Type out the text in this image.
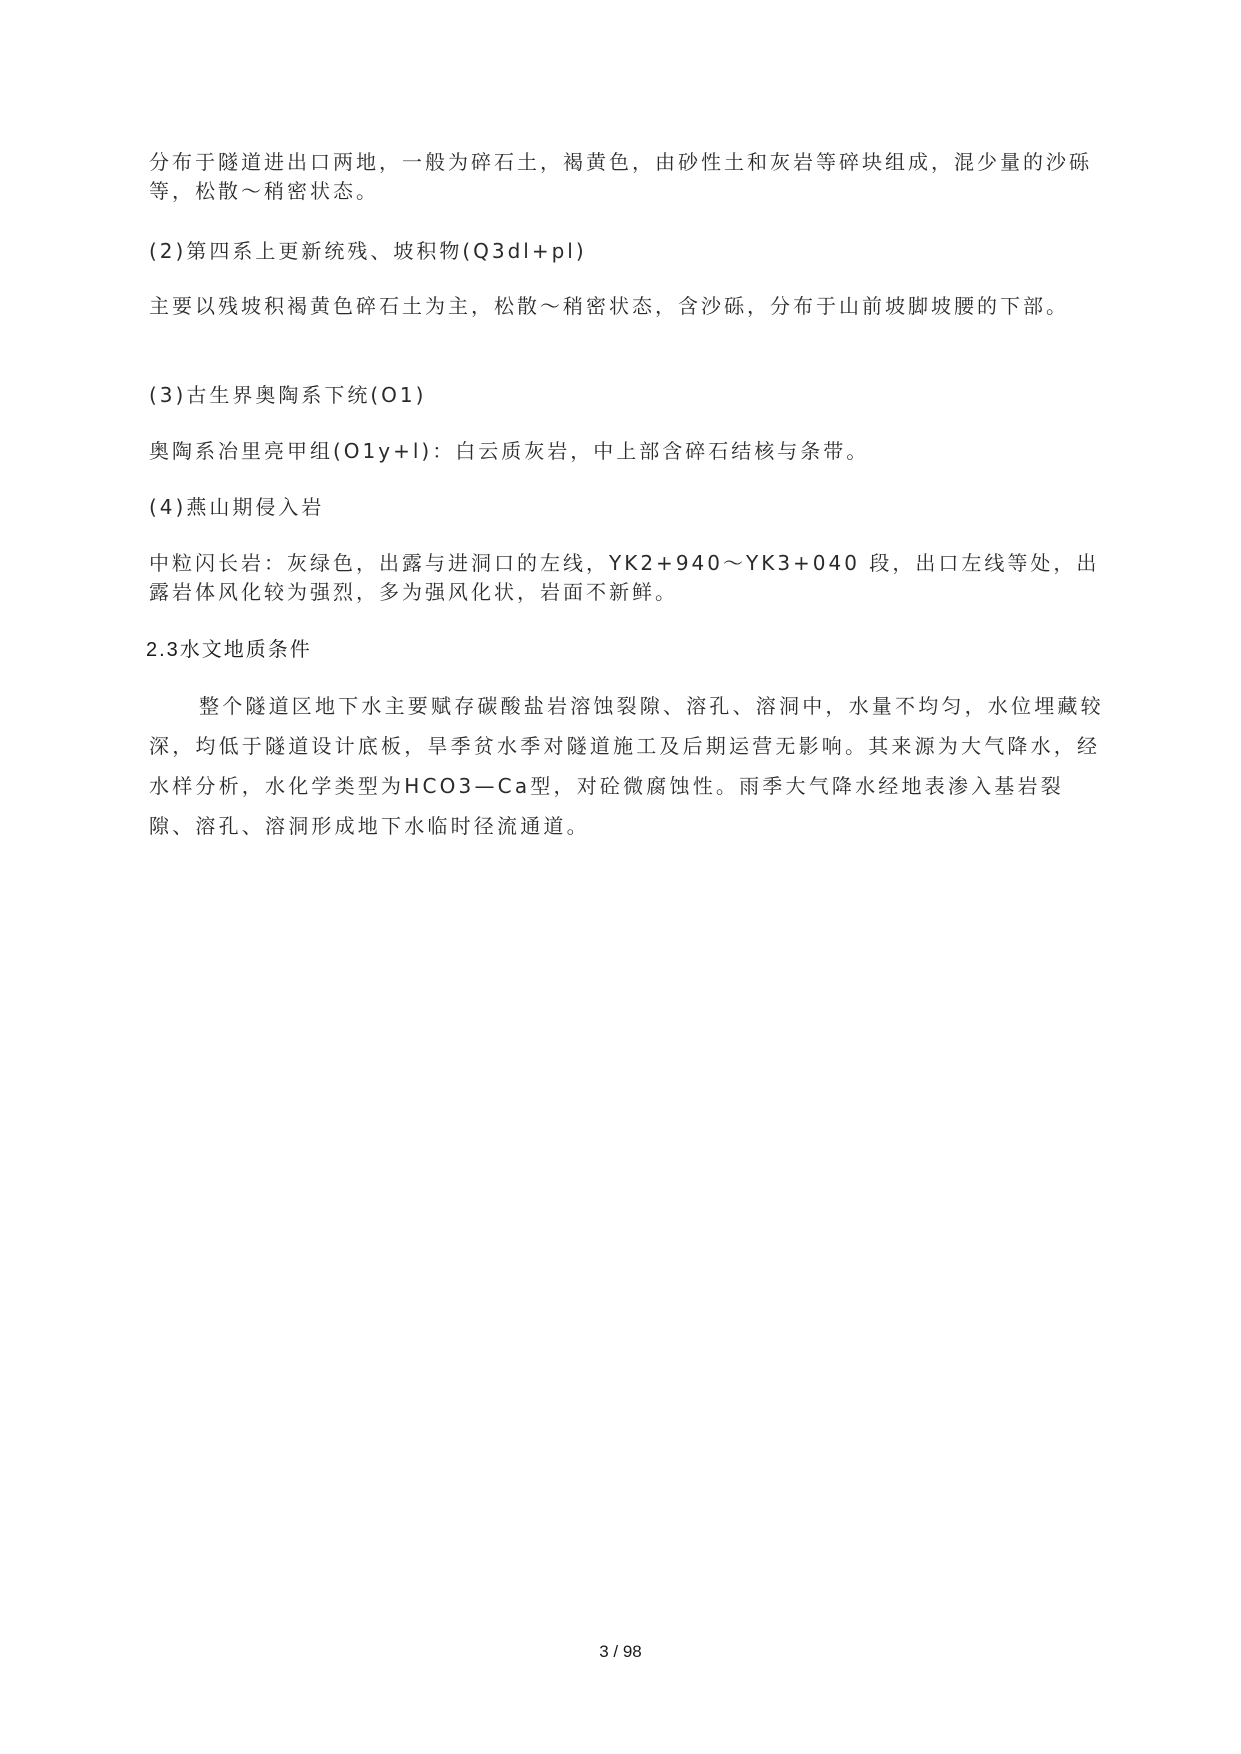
分布于隧道进出口两地，一般为碎石土，褐黄色，由砂性土和灰岩等碎块组成，混少量的沙砾等，松散～稍密状态。
(2)第四系上更新统残、坡积物(Q3dl+pl)
主要以残坡积褐黄色碎石土为主，松散～稍密状态，含沙砾，分布于山前坡脚坡腰的下部。
(3)古生界奥陶系下统(O1)
奥陶系冶里亮甲组(O1y+l)：白云质灰岩，中上部含碎石结核与条带。
(4)燕山期侵入岩
中粒闪长岩：灰绿色，出露与进洞口的左线，YK2+940～YK3+040 段，出口左线等处，出露岩体风化较为强烈，多为强风化状，岩面不新鲜。
2.3水文地质条件
整个隧道区地下水主要赋存碳酸盐岩溶蚀裂隙、溶孔、溶洞中，水量不均匀，水位埋藏较深，均低于隧道设计底板，旱季贫水季对隧道施工及后期运营无影响。其来源为大气降水，经水样分析，水化学类型为HCO3—Ca型，对砼微腐蚀性。雨季大气降水经地表渗入基岩裂隙、溶孔、溶洞形成地下水临时径流通道。
3 / 98
